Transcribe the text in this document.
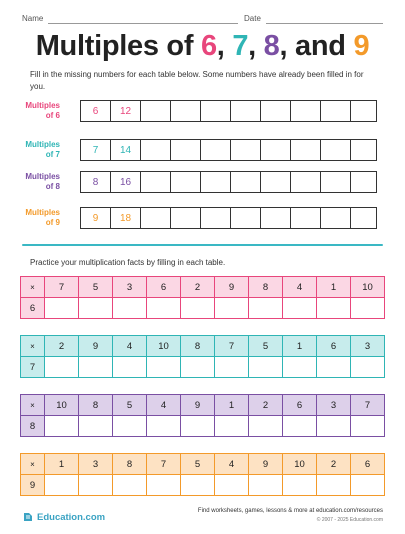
Name	Date
Multiples of 6, 7, 8, and 9
Fill in the missing numbers for each table below. Some numbers have already been filled in for you.
Multiples of 6	6	12
Multiples of 7	7	14
Multiples of 8	8	16
Multiples of 9	9	18
Practice your multiplication facts by filling in each table.
×	7	5	3	6	2	9	8	4	1	10
6
×	2	9	4	10	8	7	5	1	6	3
7
×	10	8	5	4	9	1	2	6	3	7
8
×	1	3	8	7	5	4	9	10	2	6
9
Education.com
Find worksheets, games, lessons & more at education.com/resources
© 2007 - 2025 Education.com
